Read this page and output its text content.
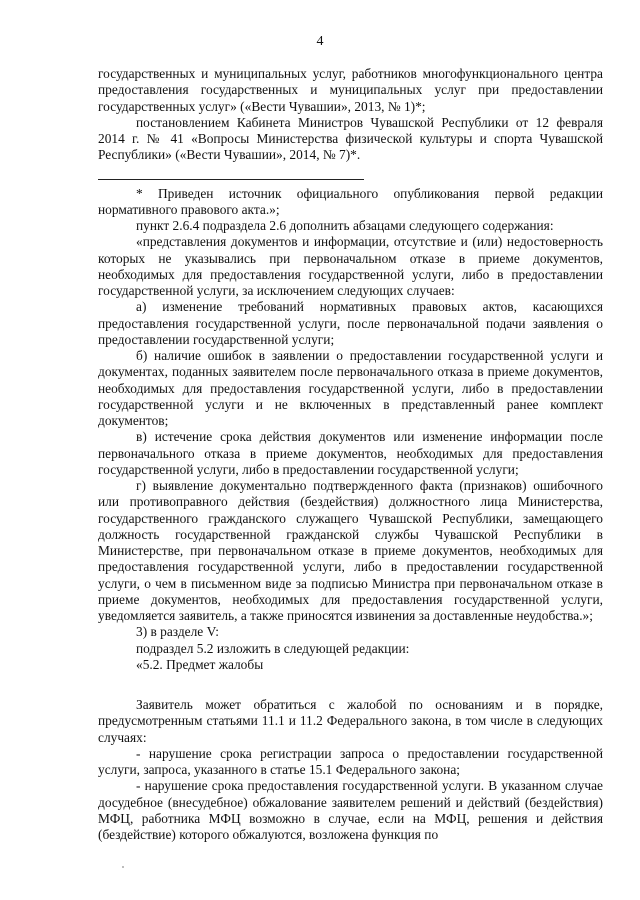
4

государственных и муниципальных услуг, работников многофункционального центра предоставления государственных и муниципальных услуг при предоставлении государственных услуг» («Вести Чувашии», 2013, № 1)*;

постановлением Кабинета Министров Чувашской Республики от 12 февраля 2014 г. № 41 «Вопросы Министерства физической культуры и спорта Чувашской Республики» («Вести Чувашии», 2014, № 7)*.

* Приведен источник официального опубликования первой редакции нормативного правового акта.»;

пункт 2.6.4 подраздела 2.6 дополнить абзацами следующего содержания:

«представления документов и информации, отсутствие и (или) недостоверность которых не указывались при первоначальном отказе в приеме документов, необходимых для предоставления государственной услуги, либо в предоставлении государственной услуги, за исключением следующих случаев:

а) изменение требований нормативных правовых актов, касающихся предоставления государственной услуги, после первоначальной подачи заявления о предоставлении государственной услуги;

б) наличие ошибок в заявлении о предоставлении государственной услуги и документах, поданных заявителем после первоначального отказа в приеме документов, необходимых для предоставления государственной услуги, либо в предоставлении государственной услуги и не включенных в представленный ранее комплект документов;

в) истечение срока действия документов или изменение информации после первоначального отказа в приеме документов, необходимых для предоставления государственной услуги, либо в предоставлении государственной услуги;

г) выявление документально подтвержденного факта (признаков) ошибочного или противоправного действия (бездействия) должностного лица Министерства, государственного гражданского служащего Чувашской Республики, замещающего должность государственной гражданской службы Чувашской Республики в Министерстве, при первоначальном отказе в приеме документов, необходимых для предоставления государственной услуги, либо в предоставлении государственной услуги, о чем в письменном виде за подписью Министра при первоначальном отказе в приеме документов, необходимых для предоставления государственной услуги, уведомляется заявитель, а также приносятся извинения за доставленные неудобства.»;

3) в разделе V:

подраздел 5.2 изложить в следующей редакции:

«5.2. Предмет жалобы

Заявитель может обратиться с жалобой по основаниям и в порядке, предусмотренным статьями 11.1 и 11.2 Федерального закона, в том числе в следующих случаях:

- нарушение срока регистрации запроса о предоставлении государственной услуги, запроса, указанного в статье 15.1 Федерального закона;

- нарушение срока предоставления государственной услуги. В указанном случае досудебное (внесудебное) обжалование заявителем решений и действий (бездействия) МФЦ, работника МФЦ возможно в случае, если на МФЦ, решения и действия (бездействие) которого обжалуются, возложена функция по
